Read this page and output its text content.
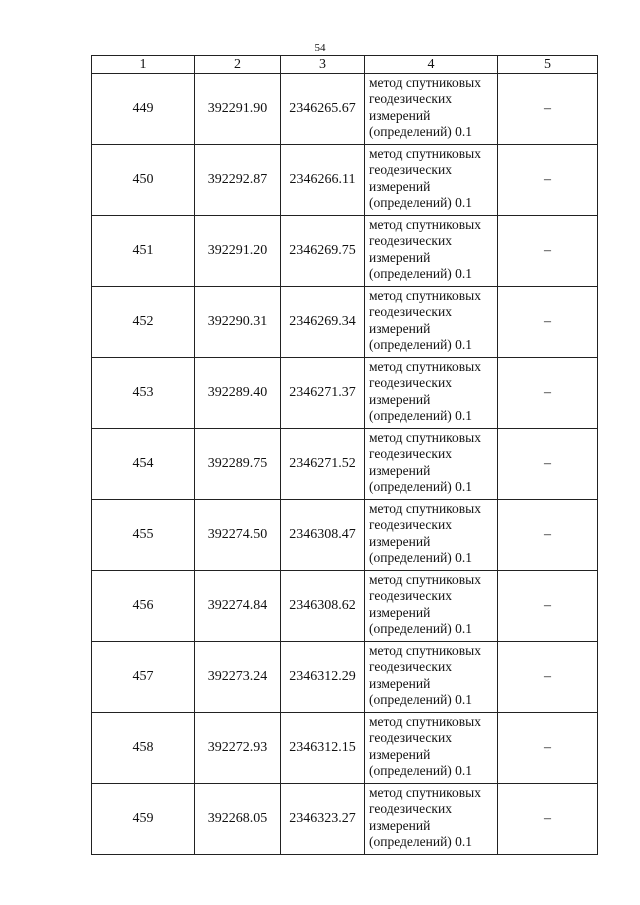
54
1	2	3	4	5
449	392291.90	2346265.67	метод спутниковых
геодезических
измерений
(определений) 0.1	–
450	392292.87	2346266.11	метод спутниковых
геодезических
измерений
(определений) 0.1	–
451	392291.20	2346269.75	метод спутниковых
геодезических
измерений
(определений) 0.1	–
452	392290.31	2346269.34	метод спутниковых
геодезических
измерений
(определений) 0.1	–
453	392289.40	2346271.37	метод спутниковых
геодезических
измерений
(определений) 0.1	–
454	392289.75	2346271.52	метод спутниковых
геодезических
измерений
(определений) 0.1	–
455	392274.50	2346308.47	метод спутниковых
геодезических
измерений
(определений) 0.1	–
456	392274.84	2346308.62	метод спутниковых
геодезических
измерений
(определений) 0.1	–
457	392273.24	2346312.29	метод спутниковых
геодезических
измерений
(определений) 0.1	–
458	392272.93	2346312.15	метод спутниковых
геодезических
измерений
(определений) 0.1	–
459	392268.05	2346323.27	метод спутниковых
геодезических
измерений
(определений) 0.1	–
